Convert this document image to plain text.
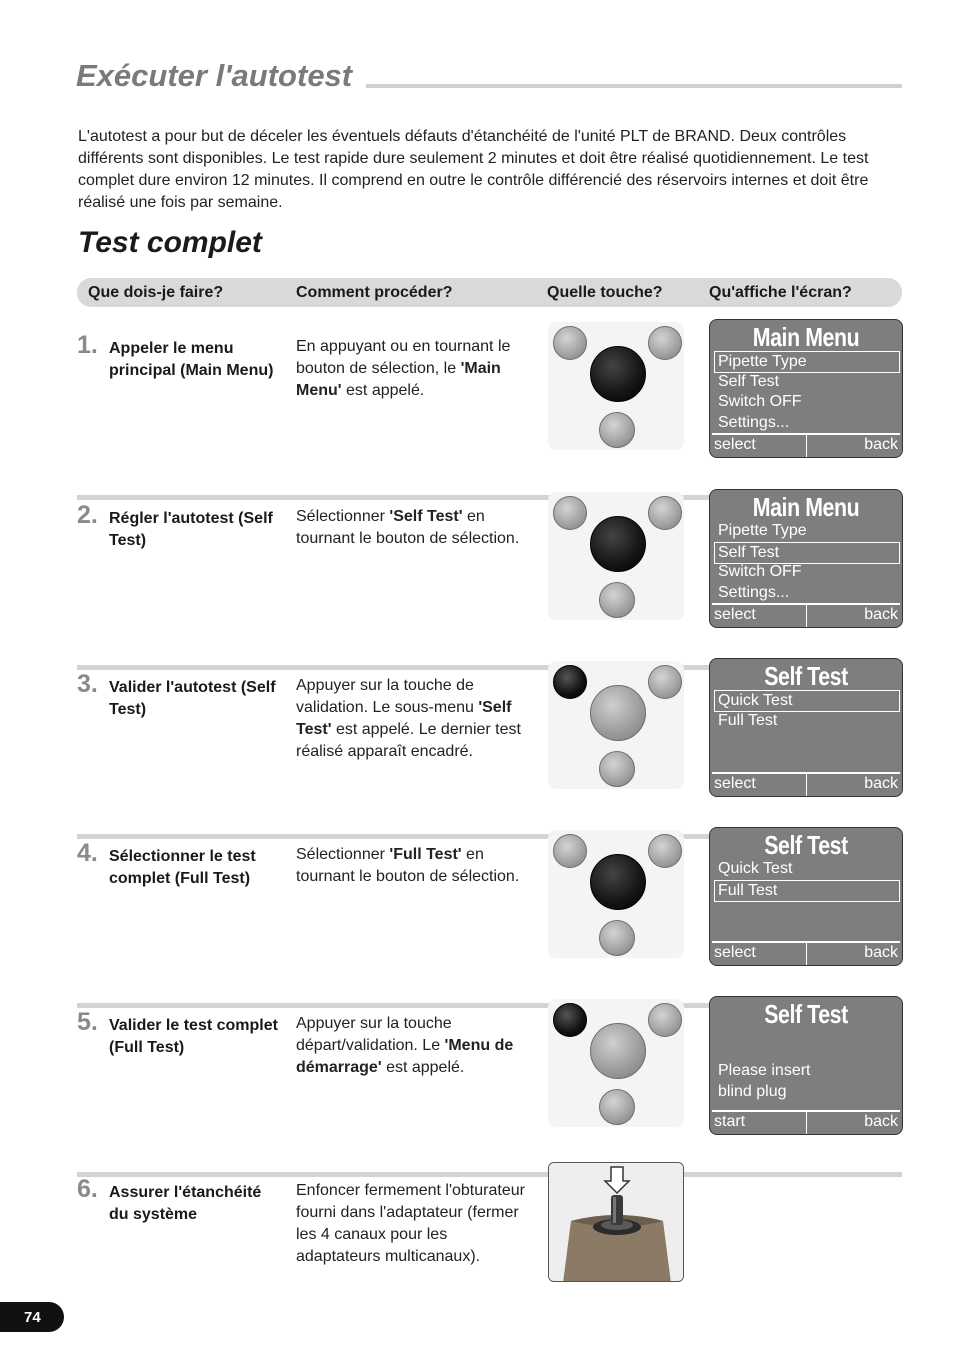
Exécuter l'autotest
L'autotest a pour but de déceler les éventuels défauts d'étanchéité de l'unité PLT de BRAND. Deux contrôles différents sont disponibles. Le test rapide dure seulement 2 minutes et doit être réalisé quotidiennement. Le test complet dure environ 12 minutes. Il comprend en outre le contrôle différencié des réservoirs internes et doit être réalisé une fois par semaine.
Test complet
Que dois-je faire?	Comment procéder?	Quelle touche?	Qu'affiche l'écran?
1. Appeler le menu principal (Main Menu)
En appuyant ou en tournant le bouton de sélection, le 'Main Menu' est appelé.
Main Menu
Pipette Type
Self Test
Switch OFF
Settings...
select	back
2. Régler l'autotest (Self Test)
Sélectionner 'Self Test' en tournant le bouton de sélection.
Main Menu
Pipette Type
Self Test
Switch OFF
Settings...
select	back
3. Valider l'autotest (Self Test)
Appuyer sur la touche de validation. Le sous-menu 'Self Test' est appelé. Le dernier test réalisé apparaît encadré.
Self Test
Quick Test
Full Test
select	back
4. Sélectionner le test complet (Full Test)
Sélectionner 'Full Test' en tournant le bouton de sélection.
Self Test
Quick Test
Full Test
select	back
5. Valider le test complet (Full Test)
Appuyer sur la touche départ/validation. Le 'Menu de démarrage' est appelé.
Self Test
Please insert
blind plug
start	back
6. Assurer l'étanchéité du système
Enfoncer fermement l'obturateur fourni dans l'adaptateur (fermer les 4 canaux pour les adaptateurs multicanaux).
74
